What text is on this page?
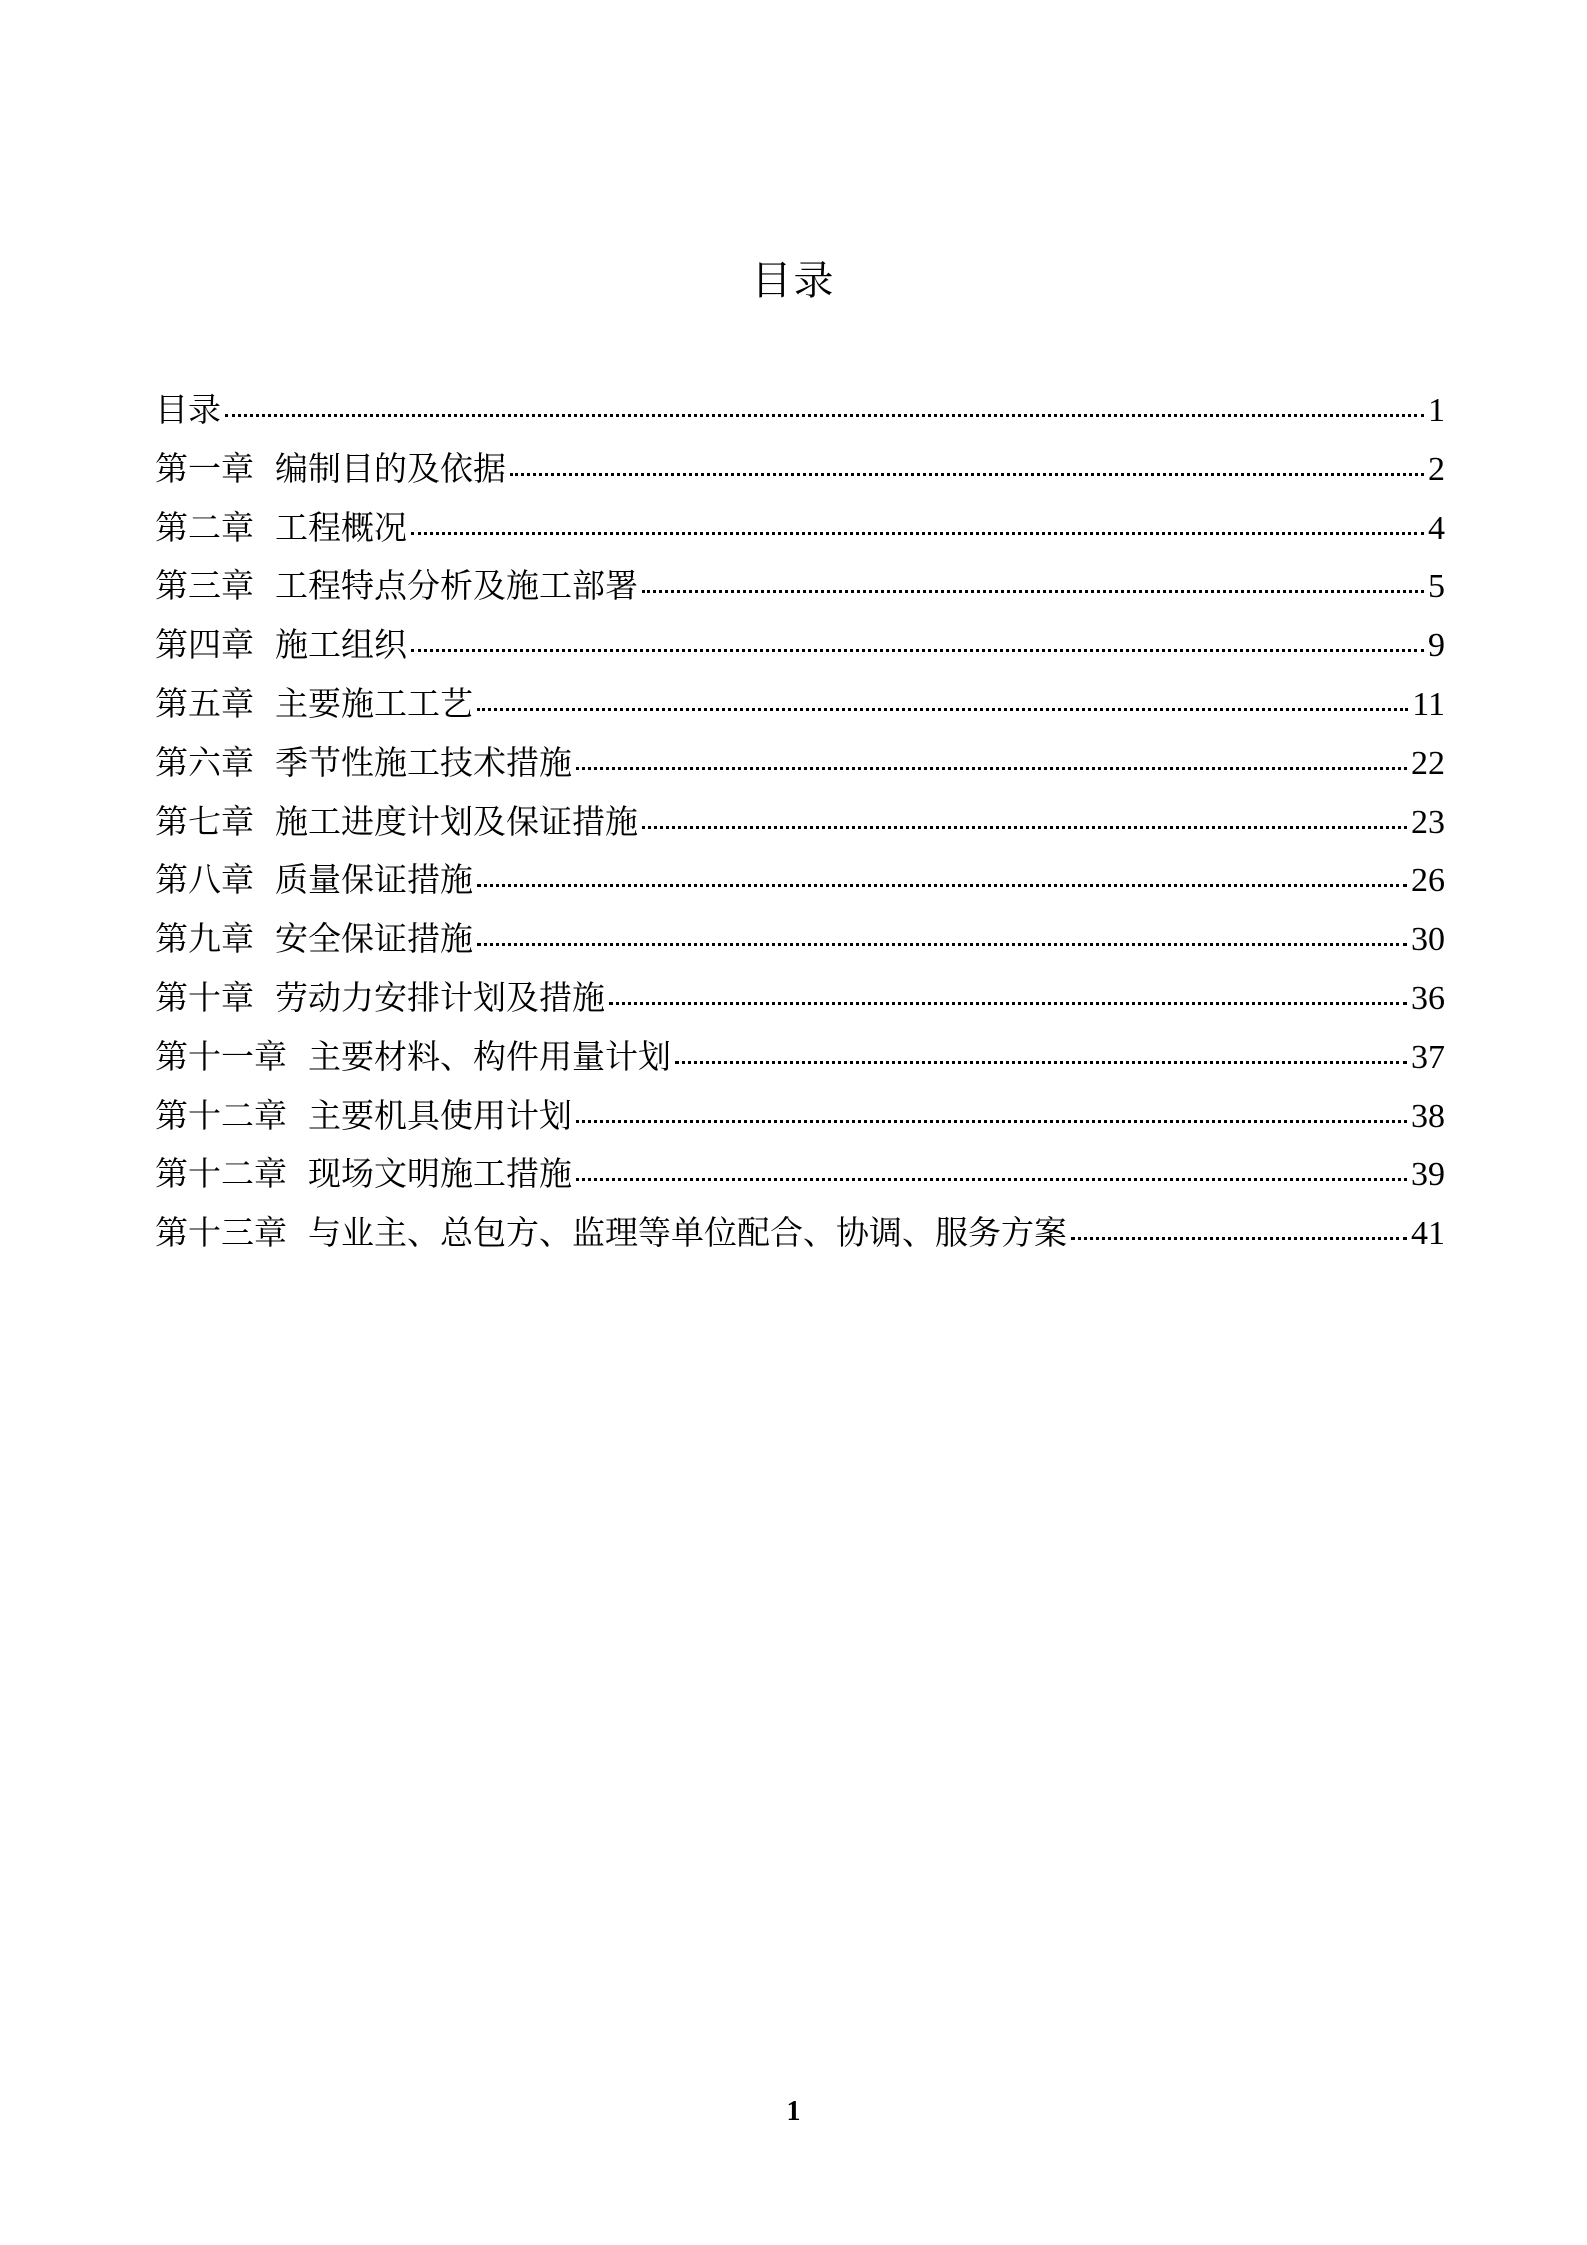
目录
目录	1
第一章  编制目的及依据	2
第二章  工程概况	4
第三章  工程特点分析及施工部署	5
第四章  施工组织	9
第五章  主要施工工艺	11
第六章  季节性施工技术措施	22
第七章  施工进度计划及保证措施	23
第八章  质量保证措施	26
第九章  安全保证措施	30
第十章  劳动力安排计划及措施	36
第十一章  主要材料、构件用量计划	37
第十二章  主要机具使用计划	38
第十二章  现场文明施工措施	39
第十三章  与业主、总包方、监理等单位配合、协调、服务方案	41
1
